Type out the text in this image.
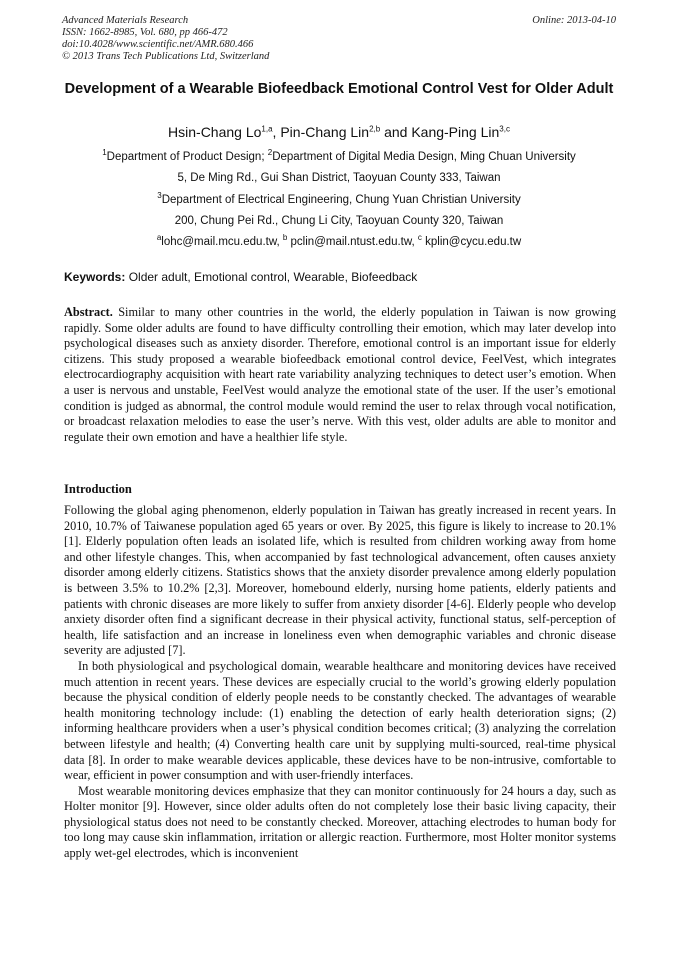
Advanced Materials Research
ISSN: 1662-8985, Vol. 680, pp 466-472
doi:10.4028/www.scientific.net/AMR.680.466
© 2013 Trans Tech Publications Ltd, Switzerland
Online: 2013-04-10
Development of a Wearable Biofeedback Emotional Control Vest for Older Adult
Hsin-Chang Lo$^{1,a}$, Pin-Chang Lin$^{2,b}$ and Kang-Ping Lin$^{3,c}$
$^1$Department of Product Design; $^2$Department of Digital Media Design, Ming Chuan University
5, De Ming Rd., Gui Shan District, Taoyuan County 333, Taiwan
$^3$Department of Electrical Engineering, Chung Yuan Christian University
200, Chung Pei Rd., Chung Li City, Taoyuan County 320, Taiwan
$^a$lohc@mail.mcu.edu.tw, $^b$ pclin@mail.ntust.edu.tw, $^c$ kplin@cycu.edu.tw
Keywords: Older adult, Emotional control, Wearable, Biofeedback
Abstract. Similar to many other countries in the world, the elderly population in Taiwan is now growing rapidly. Some older adults are found to have difficulty controlling their emotion, which may later develop into psychological diseases such as anxiety disorder. Therefore, emotional control is an important issue for elderly citizens. This study proposed a wearable biofeedback emotional control device, FeelVest, which integrates electrocardiography acquisition with heart rate variability analyzing techniques to detect user’s emotion. When a user is nervous and unstable, FeelVest would analyze the emotional state of the user. If the user’s emotional condition is judged as abnormal, the control module would remind the user to relax through vocal notification, or broadcast relaxation melodies to ease the user’s nerve. With this vest, older adults are able to monitor and regulate their own emotion and have a healthier life style.
Introduction

Following the global aging phenomenon, elderly population in Taiwan has greatly increased in recent years. In 2010, 10.7% of Taiwanese population aged 65 years or over. By 2025, this figure is likely to increase to 20.1% [1]. Elderly population often leads an isolated life, which is resulted from children working away from home and other lifestyle changes. This, when accompanied by fast technological advancement, often causes anxiety disorder among elderly citizens. Statistics shows that the anxiety disorder prevalence among elderly population is between 3.5% to 10.2% [2,3]. Moreover, homebound elderly, nursing home patients, elderly patients and patients with chronic diseases are more likely to suffer from anxiety disorder [4-6]. Elderly people who develop anxiety disorder often find a significant decrease in their physical activity, functional status, self-perception of health, life satisfaction and an increase in loneliness even when demographic variables and chronic disease severity are adjusted [7].

In both physiological and psychological domain, wearable healthcare and monitoring devices have received much attention in recent years. These devices are especially crucial to the world’s growing elderly population because the physical condition of elderly people needs to be constantly checked. The advantages of wearable health monitoring technology include: (1) enabling the detection of early health deterioration signs; (2) informing healthcare providers when a user’s physical condition becomes critical; (3) analyzing the correlation between lifestyle and health; (4) Converting health care unit by supplying multi-sourced, real-time physical data [8]. In order to make wearable devices applicable, these devices have to be non-intrusive, comfortable to wear, efficient in power consumption and with user-friendly interfaces.

Most wearable monitoring devices emphasize that they can monitor continuously for 24 hours a day, such as Holter monitor [9]. However, since older adults often do not completely lose their basic living capacity, their physiological status does not need to be constantly checked. Moreover, attaching electrodes to human body for too long may cause skin inflammation, irritation or allergic reaction. Furthermore, most Holter monitor systems apply wet-gel electrodes, which is inconvenient
